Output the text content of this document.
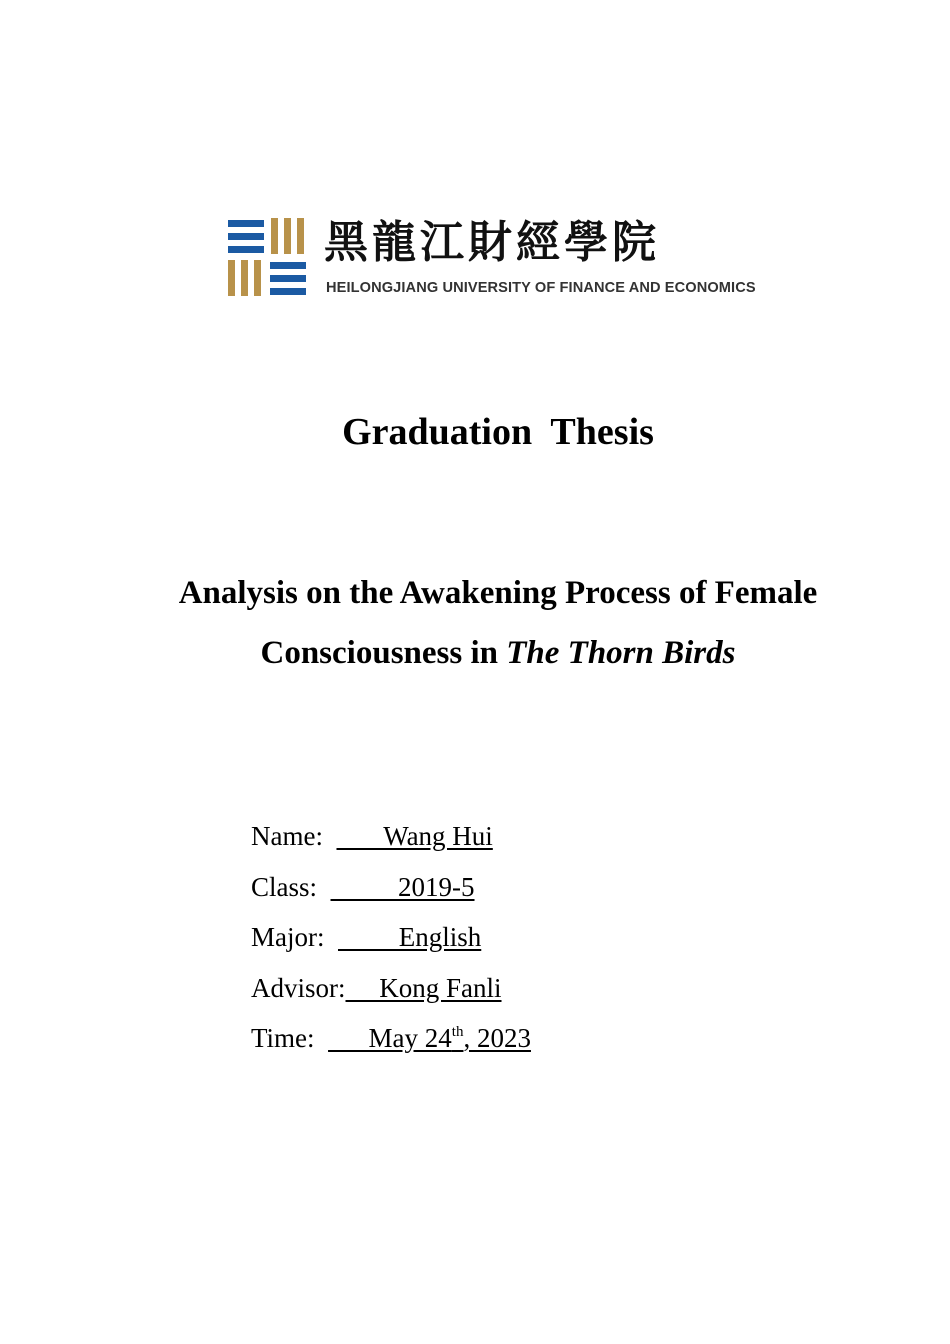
黑龍江財經學院
HEILONGJIANG UNIVERSITY OF FINANCE AND ECONOMICS
Graduation  Thesis
Analysis on the Awakening Process of Female
Consciousness in The Thorn Birds
Name:         Wang Hui
Class:            2019-5
Major:           English
Advisor:     Kong Fanli
Time:        May 24th, 2023
